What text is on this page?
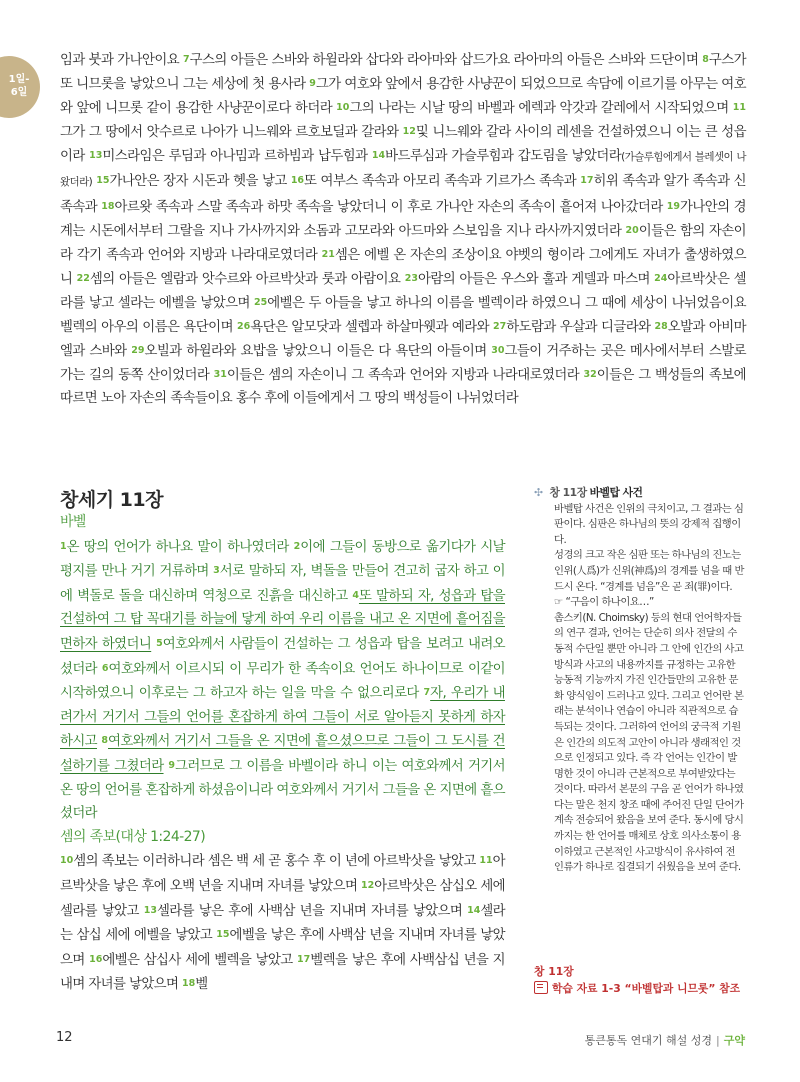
1일-
6일

임과 붓과 가나안이요 7구스의 아들은 스바와 하윌라와 삽다와 라아마와 삽드가요 라아마의 아들은 스바와 드단이며 8구스가 또 니므롯을 낳았으니 그는 세상에 첫 용사라 9그가 여호와 앞에서 용감한 사냥꾼이 되었으므로 속담에 이르기를 아무는 여호와 앞에 니므롯 같이 용감한 사냥꾼이로다 하더라 10그의 나라는 시날 땅의 바벨과 에렉과 악갓과 갈레에서 시작되었으며 11그가 그 땅에서 앗수르로 나아가 니느웨와 르호보딜과 갈라와 12및 니느웨와 갈라 사이의 레센을 건설하였으니 이는 큰 성읍이라 13미스라임은 루딤과 아나밈과 르하빔과 납두힘과 14바드루심과 가슬루힘과 갑도림을 낳았더라(가슬루힘에게서 블레셋이 나왔더라) 15가나안은 장자 시돈과 헷을 낳고 16또 여부스 족속과 아모리 족속과 기르가스 족속과 17히위 족속과 알가 족속과 신 족속과 18아르왓 족속과 스말 족속과 하맛 족속을 낳았더니 이 후로 가나안 자손의 족속이 흩어져 나아갔더라 19가나안의 경계는 시돈에서부터 그랄을 지나 가사까지와 소돔과 고모라와 아드마와 스보임을 지나 라사까지였더라 20이들은 함의 자손이라 각기 족속과 언어와 지방과 나라대로였더라 21셈은 에벨 온 자손의 조상이요 야벳의 형이라 그에게도 자녀가 출생하였으니 22셈의 아들은 엘람과 앗수르와 아르박삿과 룻과 아람이요 23아람의 아들은 우스와 훌과 게델과 마스며 24아르박삿은 셀라를 낳고 셀라는 에벨을 낳았으며 25에벨은 두 아들을 낳고 하나의 이름을 벨렉이라 하였으니 그 때에 세상이 나뉘었음이요 벨렉의 아우의 이름은 욕단이며 26욕단은 알모닷과 셀렙과 하살마웻과 예라와 27하도람과 우살과 디글라와 28오발과 아비마엘과 스바와 29오빌과 하윌라와 요밥을 낳았으니 이들은 다 욕단의 아들이며 30그들이 거주하는 곳은 메사에서부터 스발로 가는 길의 동쪽 산이었더라 31이들은 셈의 자손이니 그 족속과 언어와 지방과 나라대로였더라 32이들은 그 백성들의 족보에 따르면 노아 자손의 족속들이요 홍수 후에 이들에게서 그 땅의 백성들이 나뉘었더라

창세기 11장

바벨

1온 땅의 언어가 하나요 말이 하나였더라 2이에 그들이 동방으로 옮기다가 시날 평지를 만나 거기 거류하며 3서로 말하되 자, 벽돌을 만들어 견고히 굽자 하고 이에 벽돌로 돌을 대신하며 역청으로 진흙을 대신하고 4또 말하되 자, 성읍과 탑을 건설하여 그 탑 꼭대기를 하늘에 닿게 하여 우리 이름을 내고 온 지면에 흩어짐을 면하자 하였더니 5여호와께서 사람들이 건설하는 그 성읍과 탑을 보려고 내려오셨더라 6여호와께서 이르시되 이 무리가 한 족속이요 언어도 하나이므로 이같이 시작하였으니 이후로는 그 하고자 하는 일을 막을 수 없으리로다 7자, 우리가 내려가서 거기서 그들의 언어를 혼잡하게 하여 그들이 서로 알아듣지 못하게 하자 하시고 8여호와께서 거기서 그들을 온 지면에 흩으셨으므로 그들이 그 도시를 건설하기를 그쳤더라 9그러므로 그 이름을 바벨이라 하니 이는 여호와께서 거기서 온 땅의 언어를 혼잡하게 하셨음이니라 여호와께서 거기서 그들을 온 지면에 흩으셨더라

셈의 족보(대상 1:24-27)

10셈의 족보는 이러하니라 셈은 백 세 곧 홍수 후 이 년에 아르박삿을 낳았고 11아르박삿을 낳은 후에 오백 년을 지내며 자녀를 낳았으며 12아르박삿은 삼십오 세에 셀라를 낳았고 13셀라를 낳은 후에 사백삼 년을 지내며 자녀를 낳았으며 14셀라는 삼십 세에 에벨을 낳았고 15에벨을 낳은 후에 사백삼 년을 지내며 자녀를 낳았으며 16에벨은 삼십사 세에 벨렉을 낳았고 17벨렉을 낳은 후에 사백삼십 년을 지내며 자녀를 낳았으며 18벨

✣ 창 11장 바벨탑 사건

바벨탑 사건은 인위의 극치이고, 그 결과는 심판이다. 심판은 하나님의 뜻의 강제적 집행이다.

성경의 크고 작은 심판 또는 하나님의 진노는 인위(人爲)가 신위(神爲)의 경계를 넘을 때 반드시 온다. “경계를 넘음”은 곧 죄(罪)이다.

☞ “구음이 하나이요…”

촘스키(N. Choimsky) 등의 현대 언어학자들의 연구 결과, 언어는 단순히 의사 전달의 수동적 수단일 뿐만 아니라 그 안에 인간의 사고방식과 사고의 내용까지를 규정하는 고유한 능동적 기능까지 가진 인간들만의 고유한 문화 양식임이 드러나고 있다. 그리고 언어란 본래는 분석이나 연습이 아니라 직관적으로 습득되는 것이다. 그러하여 언어의 궁극적 기원은 인간의 의도적 고안이 아니라 생래적인 것으로 인정되고 있다. 즉 각 언어는 인간이 발명한 것이 아니라 근본적으로 부여받았다는 것이다. 따라서 본문의 구음 곧 언어가 하나였다는 말은 천지 창조 때에 주어진 단일 단어가 계속 전승되어 왔음을 보여 준다. 동시에 당시까지는 한 언어를 매체로 상호 의사소통이 용이하였고 근본적인 사고방식이 유사하여 전 인류가 하나로 집결되기 쉬웠음을 보여 준다.

창 11장

학습 자료 1-3 “바벨탑과 니므롯” 참조

12	통큰통독 연대기 해설 성경 | 구약
